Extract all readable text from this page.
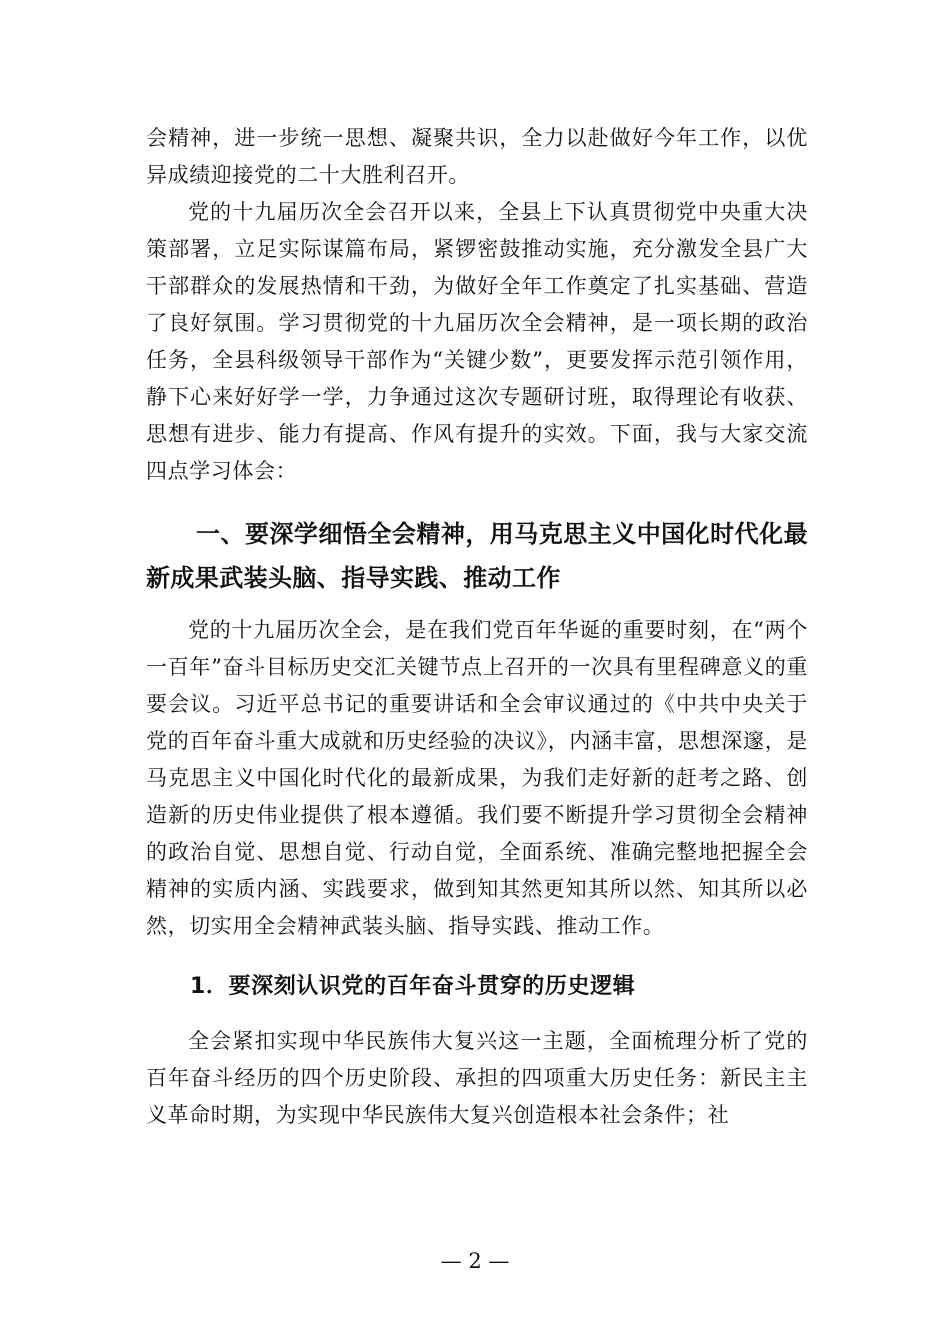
会精神，进一步统一思想、凝聚共识，全力以赴做好今年工作，以优异成绩迎接党的二十大胜利召开。

党的十九届历次全会召开以来，全县上下认真贯彻党中央重大决策部署，立足实际谋篇布局，紧锣密鼓推动实施，充分激发全县广大干部群众的发展热情和干劲，为做好全年工作奠定了扎实基础、营造了良好氛围。学习贯彻党的十九届历次全会精神，是一项长期的政治任务，全县科级领导干部作为“关键少数”，更要发挥示范引领作用，静下心来好好学一学，力争通过这次专题研讨班，取得理论有收获、思想有进步、能力有提高、作风有提升的实效。下面，我与大家交流四点学习体会：

一、要深学细悟全会精神，用马克思主义中国化时代化最新成果武装头脑、指导实践、推动工作

党的十九届历次全会，是在我们党百年华诞的重要时刻，在“两个一百年”奋斗目标历史交汇关键节点上召开的一次具有里程碑意义的重要会议。习近平总书记的重要讲话和全会审议通过的《中共中央关于党的百年奋斗重大成就和历史经验的决议》，内涵丰富，思想深邃，是马克思主义中国化时代化的最新成果，为我们走好新的赶考之路、创造新的历史伟业提供了根本遵循。我们要不断提升学习贯彻全会精神的政治自觉、思想自觉、行动自觉，全面系统、准确完整地把握全会精神的实质内涵、实践要求，做到知其然更知其所以然、知其所以必然，切实用全会精神武装头脑、指导实践、推动工作。

1．要深刻认识党的百年奋斗贯穿的历史逻辑

全会紧扣实现中华民族伟大复兴这一主题，全面梳理分析了党的百年奋斗经历的四个历史阶段、承担的四项重大历史任务：新民主主义革命时期，为实现中华民族伟大复兴创造根本社会条件；社

— 2 —
